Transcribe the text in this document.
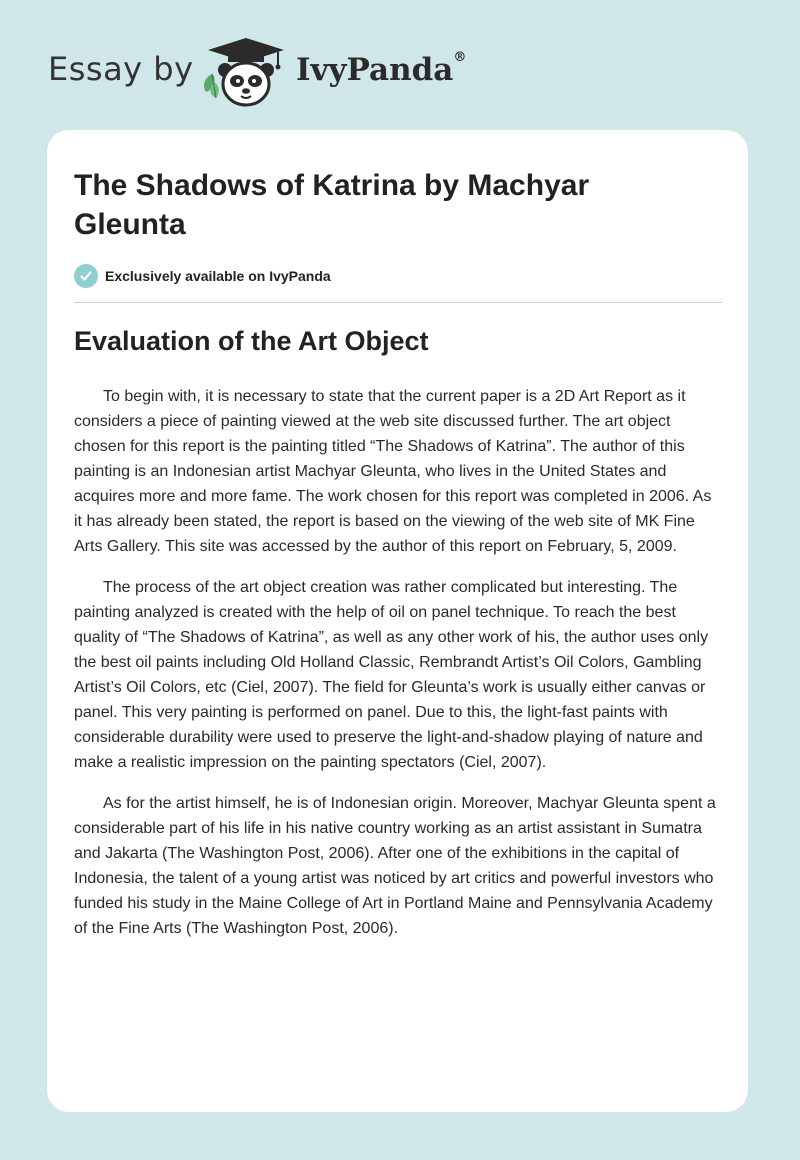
Essay by	IvyPanda®
The Shadows of Katrina by Machyar Gleunta
Exclusively available on IvyPanda
Evaluation of the Art Object

To begin with, it is necessary to state that the current paper is a 2D Art Report as it considers a piece of painting viewed at the web site discussed further. The art object chosen for this report is the painting titled “The Shadows of Katrina”. The author of this painting is an Indonesian artist Machyar Gleunta, who lives in the United States and acquires more and more fame. The work chosen for this report was completed in 2006. As it has already been stated, the report is based on the viewing of the web site of MK Fine Arts Gallery. This site was accessed by the author of this report on February, 5, 2009.

The process of the art object creation was rather complicated but interesting. The painting analyzed is created with the help of oil on panel technique. To reach the best quality of “The Shadows of Katrina”, as well as any other work of his, the author uses only the best oil paints including Old Holland Classic, Rembrandt Artist’s Oil Colors, Gambling Artist’s Oil Colors, etc (Ciel, 2007). The field for Gleunta’s work is usually either canvas or panel. This very painting is performed on panel. Due to this, the light-fast paints with considerable durability were used to preserve the light-and-shadow playing of nature and make a realistic impression on the painting spectators (Ciel, 2007).

As for the artist himself, he is of Indonesian origin. Moreover, Machyar Gleunta spent a considerable part of his life in his native country working as an artist assistant in Sumatra and Jakarta (The Washington Post, 2006). After one of the exhibitions in the capital of Indonesia, the talent of a young artist was noticed by art critics and powerful investors who funded his study in the Maine College of Art in Portland Maine and Pennsylvania Academy of the Fine Arts (The Washington Post, 2006).
